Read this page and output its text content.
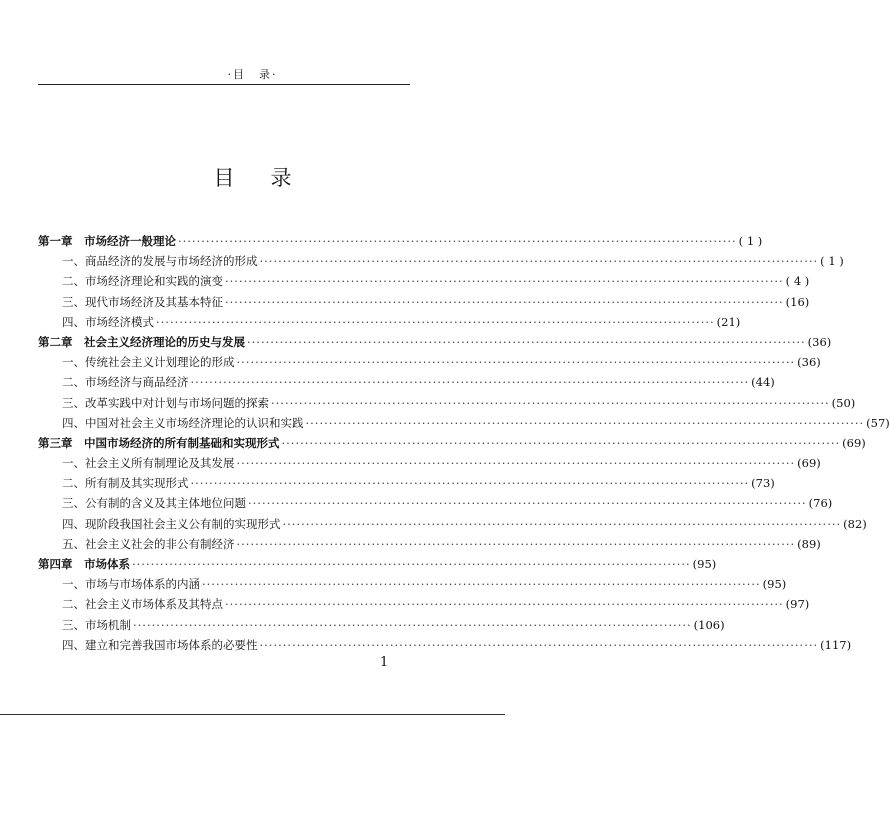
·目　录·
目录
第一章　市场经济一般理论 ························································································································ ( 1 )
一、商品经济的发展与市场经济的形成 ························································································································ ( 1 )
二、市场经济理论和实践的演变 ························································································································ ( 4 )
三、现代市场经济及其基本特征 ························································································································ (16)
四、市场经济模式 ························································································································ (21)
第二章　社会主义经济理论的历史与发展 ························································································································ (36)
一、传统社会主义计划理论的形成 ························································································································ (36)
二、市场经济与商品经济 ························································································································ (44)
三、改革实践中对计划与市场问题的探索 ························································································································ (50)
四、中国对社会主义市场经济理论的认识和实践 ························································································································ (57)
第三章　中国市场经济的所有制基础和实现形式 ························································································································ (69)
一、社会主义所有制理论及其发展 ························································································································ (69)
二、所有制及其实现形式 ························································································································ (73)
三、公有制的含义及其主体地位问题 ························································································································ (76)
四、现阶段我国社会主义公有制的实现形式 ························································································································ (82)
五、社会主义社会的非公有制经济 ························································································································ (89)
第四章　市场体系 ························································································································ (95)
一、市场与市场体系的内涵 ························································································································ (95)
二、社会主义市场体系及其特点 ························································································································ (97)
三、市场机制 ························································································································ (106)
四、建立和完善我国市场体系的必要性 ························································································································ (117)
1
